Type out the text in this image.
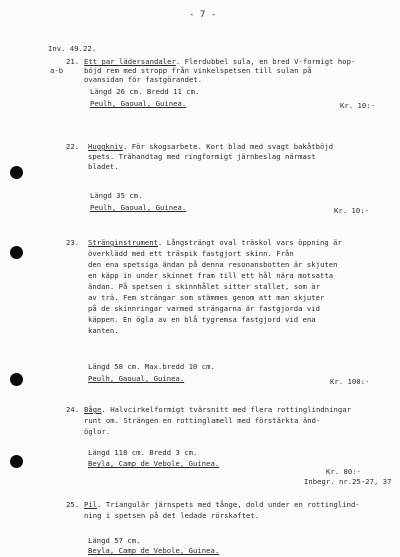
- 7 -
Inv. 49.22.
21.
a-b
Ett par lädersandaler. Flerdubbel sula, en bred V-formigt hop-
böjd rem med stropp från vinkelspetsen till sulan på
ovansidan för fastgörandet.
Längd 26 cm. Bredd 11 cm.
Peulh, Gaoual, Guinea.	Kr. 10:-
22. Huggkniv. För skogsarbete. Kort blad med svagt bakåtböjd
spets. Trähandtag med ringformigt järnbeslag närmast
bladet.
Längd 35 cm.
Peulh, Gaoual, Guinea.	Kr. 10:-
23. Stränginstrument. Långsträngt oval träskol vars öppning är
överklädd med ett träspik fastgjort skinn. Från
den ena spetsiga ändan på denna resonansbotten är skjuten
en käpp in under skinnet fram till ett hål nära motsatta
ändan. På spetsen i skinnhålet sitter stallet, som är
av trä. Fem strängar som stämmes genom att man skjuter
på de skinnringar varmed strängarna är fastgjorda vid
käppen. En ögla av en blå tygremsa fastgjord vid ena
kanten.
Längd 58 cm. Max.bredd 10 cm.
Peulh, Gaoual, Guinea.	Kr. 100:-
24. Båge. Halvcirkelformigt tvärsnitt med flera rottinglindningar
runt om. Strängen en rottinglamell med förstärkta änd-
öglor.
Längd 118 cm. Bredd 3 cm.
Beyla, Camp de Vebole, Guinea.
Kr. 80:-
Inbegr. nr.25-27, 37
25. Pil. Triangulär järnspets med tånge, dold under en rottinglind-
ning i spetsen på det ledade rörskaftet.
Längd 57 cm.
Beyla, Camp de Vebole, Guinea.
